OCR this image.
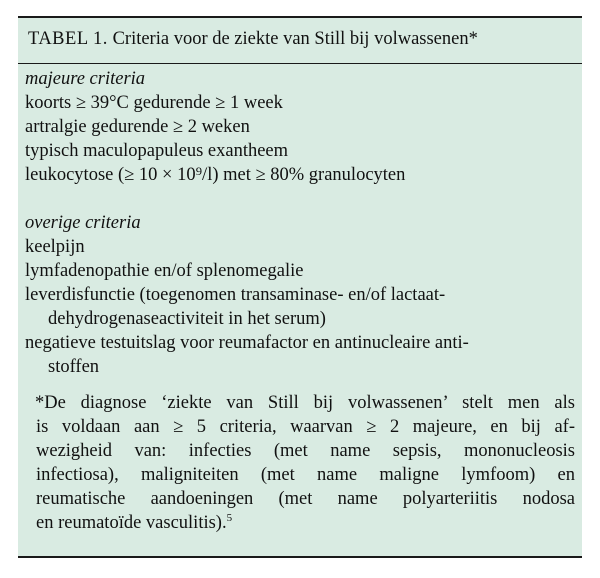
TABEL 1. Criteria voor de ziekte van Still bij volwassenen*
majeure criteria
koorts ≥ 39°C gedurende ≥ 1 week
artralgie gedurende ≥ 2 weken
typisch maculopapuleus exantheem
leukocytose (≥ 10 × 10⁹/l) met ≥ 80% granulocyten
overige criteria
keelpijn
lymfadenopathie en/of splenomegalie
leverdisfunctie (toegenomen transaminase- en/of lactaat-
dehydrogenaseactiviteit in het serum)
negatieve testuitslag voor reumafactor en antinucleaire anti-
stoffen
*De diagnose ‘ziekte van Still bij volwassenen’ stelt men als
is voldaan aan ≥ 5 criteria, waarvan ≥ 2 majeure, en bij af-
wezigheid van: infecties (met name sepsis, mononucleosis
infectiosa), maligniteiten (met name maligne lymfoom) en
reumatische aandoeningen (met name polyarteriitis nodosa
en reumatoïde vasculitis).$^5$
